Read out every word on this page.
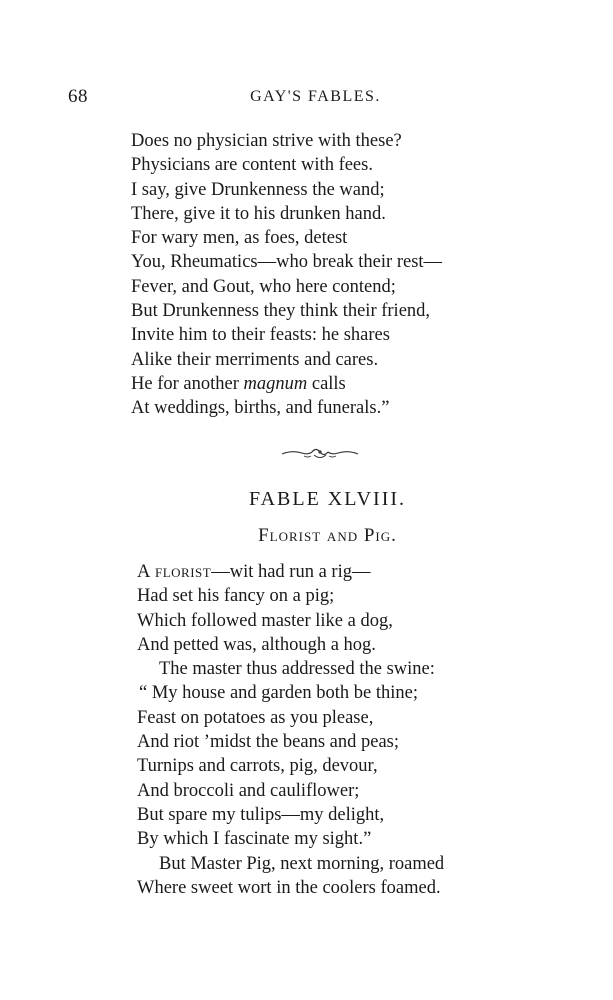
68	GAY'S FABLES.
Does no physician strive with these?
Physicians are content with fees.
I say, give Drunkenness the wand;
There, give it to his drunken hand.
For wary men, as foes, detest
You, Rheumatics—who break their rest—
Fever, and Gout, who here contend;
But Drunkenness they think their friend,
Invite him to their feasts: he shares
Alike their merriments and cares.
He for another magnum calls
At weddings, births, and funerals.”
FABLE XLVIII.
Florist and Pig.
A florist—wit had run a rig—
Had set his fancy on a pig;
Which followed master like a dog,
And petted was, although a hog.
The master thus addressed the swine:
“ My house and garden both be thine;
Feast on potatoes as you please,
And riot ’midst the beans and peas;
Turnips and carrots, pig, devour,
And broccoli and cauliflower;
But spare my tulips—my delight,
By which I fascinate my sight.”
But Master Pig, next morning, roamed
Where sweet wort in the coolers foamed.
